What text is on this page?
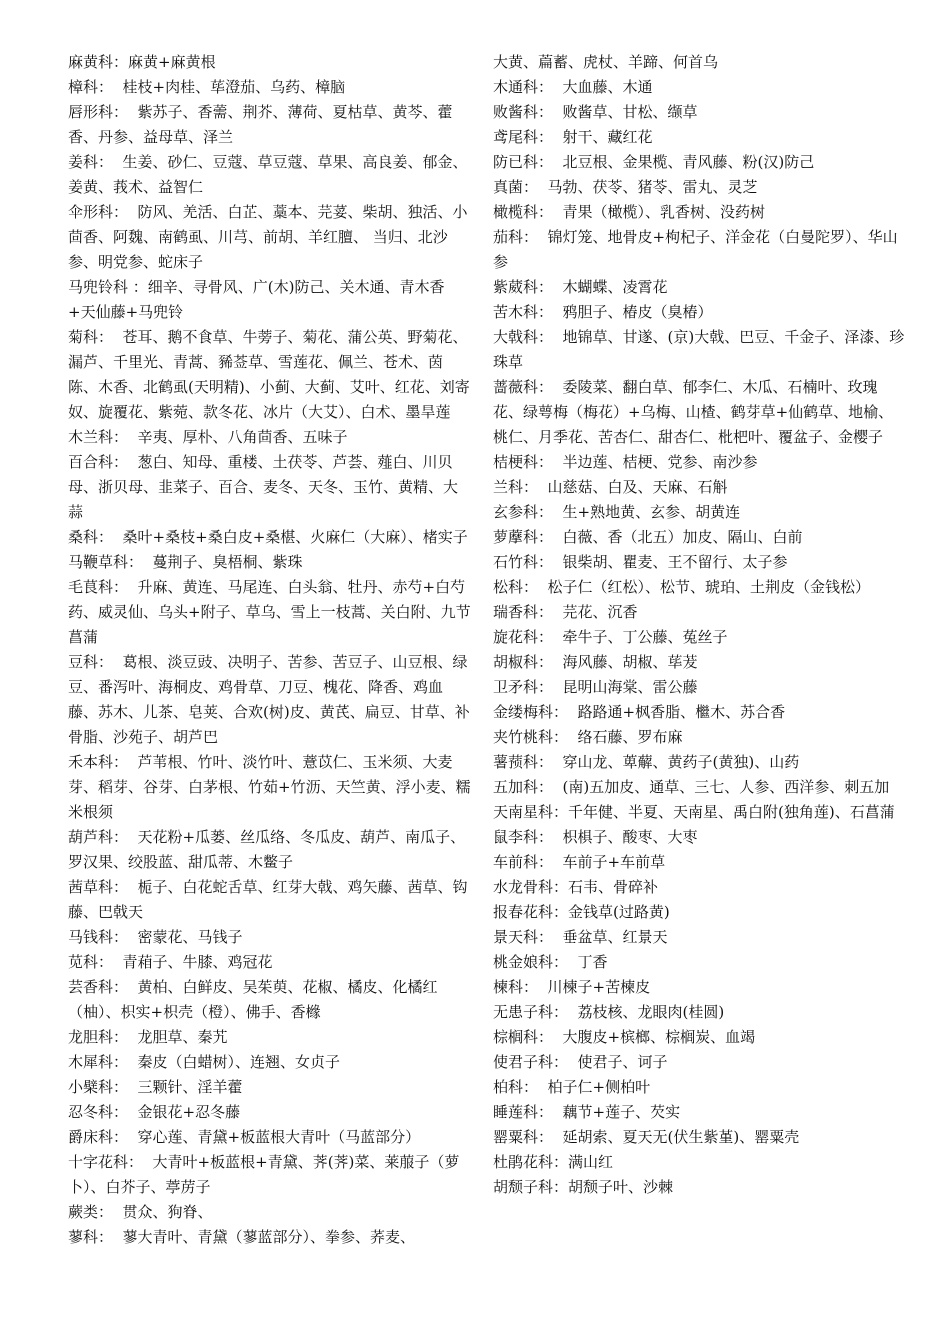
麻黄科：麻黄+麻黄根

樟科：  桂枝+肉桂、荜澄茄、乌药、樟脑

唇形科：  紫苏子、香薷、荆芥、薄荷、夏枯草、黄芩、藿香、丹参、益母草、泽兰

姜科：  生姜、砂仁、豆蔻、草豆蔻、草果、高良姜、郁金、姜黄、莪术、益智仁

伞形科：  防风、羌活、白芷、藁本、芫荽、柴胡、独活、小茴香、阿魏、南鹤虱、川芎、前胡、羊红膻、 当归、北沙参、明党参、蛇床子

马兜铃科 ：细辛、寻骨风、广(木)防己、关木通、青木香+天仙藤+马兜铃

菊科：  苍耳、鹅不食草、牛蒡子、菊花、蒲公英、野菊花、漏芦、千里光、青蒿、豨莶草、雪莲花、佩兰、苍术、茵陈、木香、北鹤虱(天明精)、小蓟、大蓟、艾叶、红花、刘寄奴、旋覆花、紫菀、款冬花、冰片（大艾）、白术、墨旱莲

木兰科：  辛夷、厚朴、八角茴香、五味子

百合科：  葱白、知母、重楼、土茯苓、芦荟、薤白、川贝母、浙贝母、韭菜子、百合、麦冬、天冬、玉竹、黄精、大蒜

桑科：  桑叶+桑枝+桑白皮+桑椹、火麻仁（大麻）、楮实子

马鞭草科：  蔓荆子、臭梧桐、紫珠

毛茛科：  升麻、黄连、马尾连、白头翁、牡丹、赤芍+白芍药、威灵仙、乌头+附子、草乌、雪上一枝蒿、关白附、九节菖蒲

豆科：  葛根、淡豆豉、决明子、苦参、苦豆子、山豆根、绿豆、番泻叶、海桐皮、鸡骨草、刀豆、槐花、降香、鸡血藤、苏木、儿茶、皂荚、合欢(树)皮、黄芪、扁豆、甘草、补骨脂、沙苑子、胡芦巴

禾本科：  芦苇根、竹叶、淡竹叶、薏苡仁、玉米须、大麦芽、稻芽、谷芽、白茅根、竹茹+竹沥、天竺黄、浮小麦、糯米根须

葫芦科：  天花粉+瓜蒌、丝瓜络、冬瓜皮、葫芦、南瓜子、罗汉果、绞股蓝、甜瓜蒂、木鳖子

茜草科：  栀子、白花蛇舌草、红芽大戟、鸡矢藤、茜草、钩藤、巴戟天

马钱科：  密蒙花、马钱子

苋科：  青葙子、牛膝、鸡冠花

芸香科：  黄柏、白鲜皮、吴茱萸、花椒、橘皮、化橘红（柚）、枳实+枳壳（橙）、佛手、香橼

龙胆科：  龙胆草、秦艽

木犀科：  秦皮（白蜡树）、连翘、女贞子

小檗科：  三颗针、淫羊藿

忍冬科：  金银花+忍冬藤

爵床科：  穿心莲、青黛+板蓝根大青叶（马蓝部分）

十字花科：  大青叶+板蓝根+青黛、荠(荠)菜、莱菔子（萝卜）、白芥子、葶苈子

蕨类：  贯众、狗脊、

蓼科：  蓼大青叶、青黛（蓼蓝部分）、拳参、荞麦、

大黄、萹蓄、虎杖、羊蹄、何首乌

木通科：  大血藤、木通

败酱科：  败酱草、甘松、缬草

鸢尾科：  射干、藏红花

防已科：  北豆根、金果榄、青风藤、粉(汉)防己

真菌：  马勃、茯苓、猪苓、雷丸、灵芝

橄榄科：  青果（橄榄）、乳香树、没药树

茄科：  锦灯笼、地骨皮+枸杞子、洋金花（白曼陀罗）、华山参

紫葳科：  木蝴蝶、凌霄花

苦木科：  鸦胆子、椿皮（臭椿）

大戟科：  地锦草、甘遂、(京)大戟、巴豆、千金子、泽漆、珍珠草

蔷薇科：  委陵菜、翻白草、郁李仁、木瓜、石楠叶、玫瑰花、绿萼梅（梅花）+乌梅、山楂、鹤芽草+仙鹤草、地榆、桃仁、月季花、苦杏仁、甜杏仁、枇杷叶、覆盆子、金樱子

桔梗科：  半边莲、桔梗、党参、南沙参

兰科：  山慈菇、白及、天麻、石斛

玄参科：  生+熟地黄、玄参、胡黄连

萝藦科：  白薇、香（北五）加皮、隔山、白前

石竹科：  银柴胡、瞿麦、王不留行、太子参

松科：  松子仁（红松）、松节、琥珀、土荆皮（金钱松）

瑞香科：  芫花、沉香

旋花科：  牵牛子、丁公藤、菟丝子

胡椒科：  海风藤、胡椒、荜茇

卫矛科：  昆明山海棠、雷公藤

金缕梅科：  路路通+枫香脂、檵木、苏合香

夹竹桃科：  络石藤、罗布麻

薯蓣科：  穿山龙、萆薢、黄药子(黄独)、山药

五加科：  (南)五加皮、通草、三七、人参、西洋参、刺五加

天南星科：千年健、半夏、天南星、禹白附(独角莲)、石菖蒲

鼠李科：  枳椇子、酸枣、大枣

车前科：  车前子+车前草

水龙骨科：石韦、骨碎补

报春花科：金钱草(过路黄)

景天科：  垂盆草、红景天

桃金娘科：  丁香

楝科：  川楝子+苦楝皮

无患子科：  荔枝核、龙眼肉(桂圆)

棕榈科：  大腹皮+槟榔、棕榈炭、血竭

使君子科：  使君子、诃子

柏科：  柏子仁+侧柏叶

睡莲科：  藕节+莲子、芡实

罂粟科：  延胡索、夏天无(伏生紫堇)、罂粟壳

杜鹃花科：满山红

胡颓子科：胡颓子叶、沙棘
